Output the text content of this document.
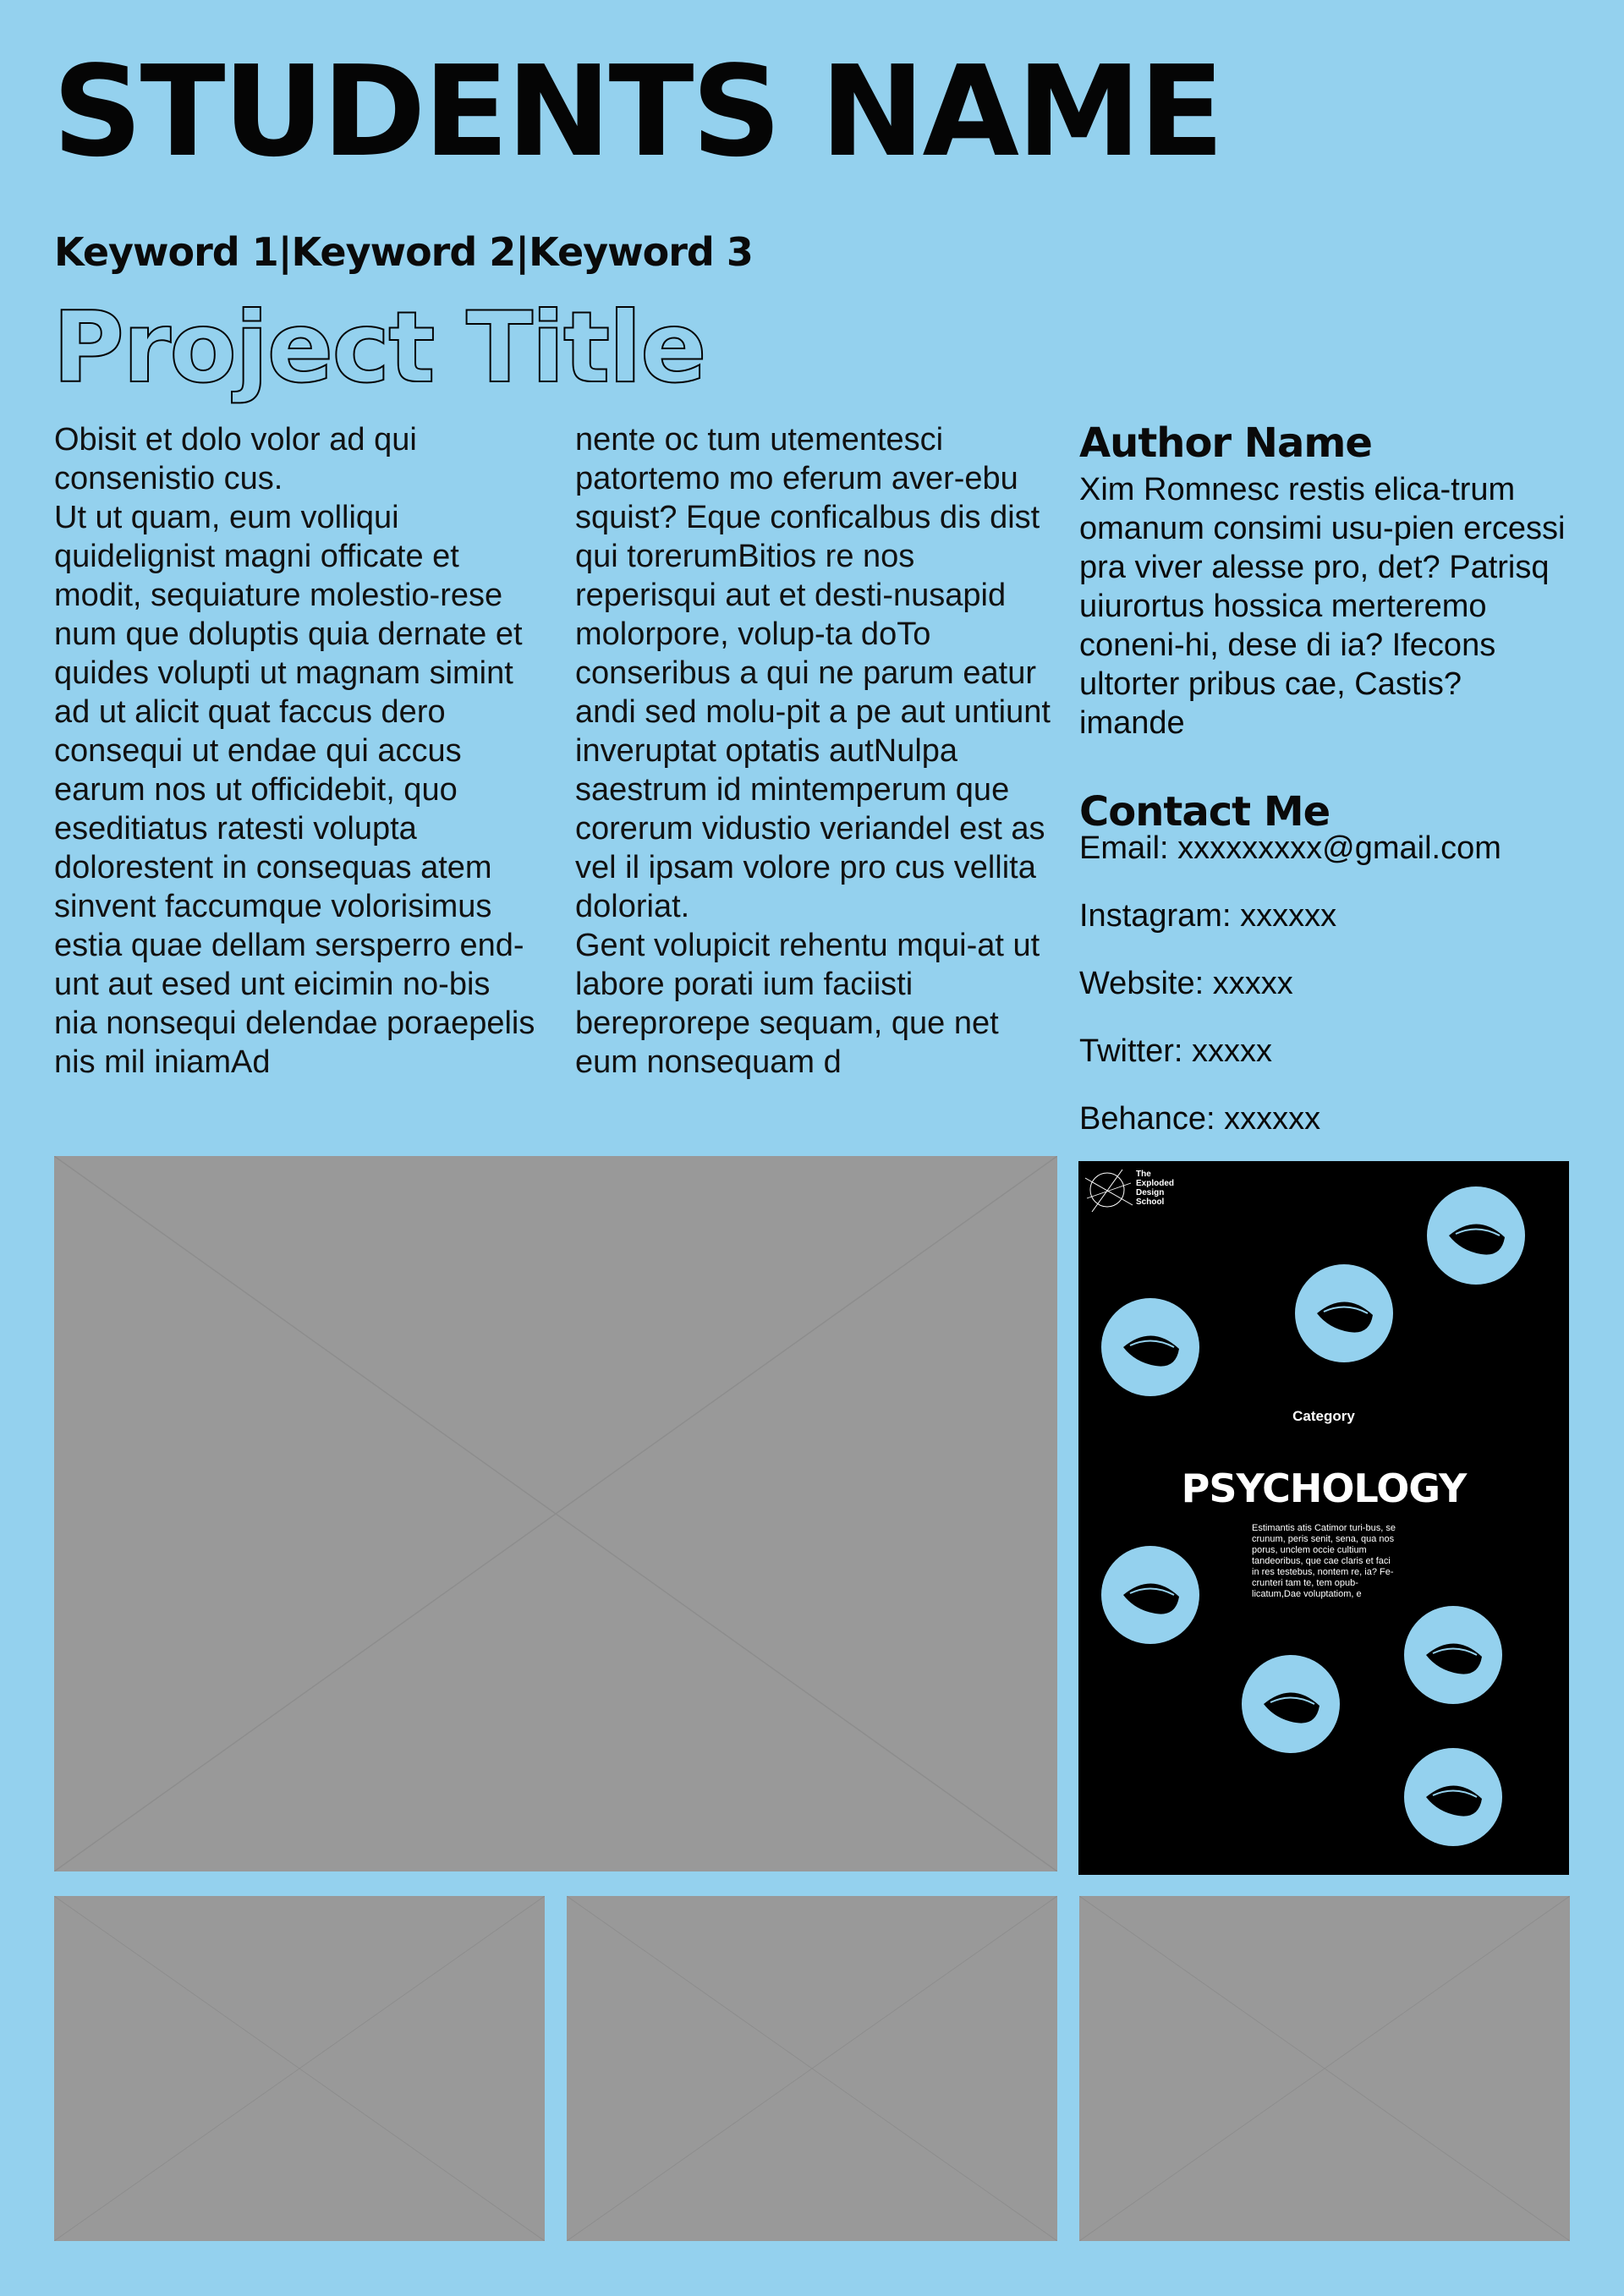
STUDENTS NAME
Keyword 1|Keyword 2|Keyword 3
Project Title

Obisit et dolo volor ad qui consenistio cus.

Ut ut quam, eum volliqui quidelignist magni officate et modit, sequiature molestio-rese num que doluptis quia dernate et quides volupti ut magnam simint ad ut alicit quat faccus dero consequi ut endae qui accus earum nos ut officidebit, quo eseditiatus ratesti volupta dolorestent in consequas atem sinvent faccumque volorisimus estia quae dellam sersperro end-unt aut esed unt eicimin no-bis nia nonsequi delendae poraepelis nis mil iniamAd

nente oc tum utementesci patortemo mo eferum aver-ebu squist? Eque conficalbus dis dist qui torerumBitios re nos reperisqui aut et desti-nusapid molorpore, volup-ta doTo conseribus a qui ne parum eatur andi sed molu-pit a pe aut untiunt inveruptat optatis autNulpa saestrum id mintemperum que corerum vidustio veriandel est as vel il ipsam volore pro cus vellita doloriat.

Gent volupicit rehentu mqui-at ut labore porati ium faciisti bereprorepe sequam, que net eum nonsequam d

Author Name
Xim Romnesc restis elica-trum omanum consimi usu-pien ercessi pra viver alesse pro, det? Patrisq uiurortus hossica merteremo coneni-hi, dese di ia? Ifecons ultorter pribus cae, Castis? imande
Contact Me
Email: xxxxxxxxx@gmail.com
Instagram: xxxxxx
Website: xxxxx
Twitter: xxxxx
Behance: xxxxxx
The Exploded Design School
Category
PSYCHOLOGY
Estimantis atis Catimor turi-bus, se crunum, peris senit, sena, qua nos porus, unclem occie cultium tandeoribus, que cae claris et faci in res testebus, nontem re, ia? Fe-crunteri tam te, tem opub-licatum,Dae voluptatiom, e
